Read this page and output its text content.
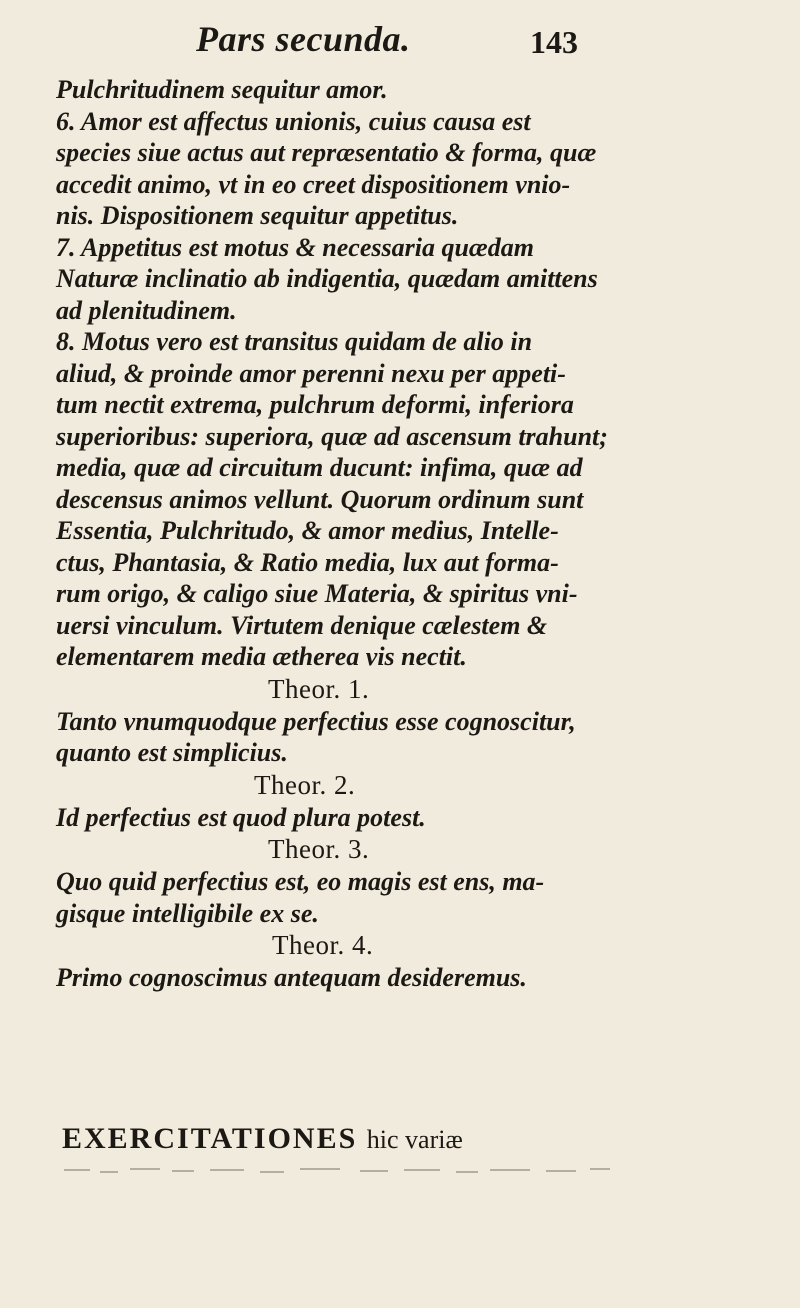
Pars secunda.	143
Pulchritudinem sequitur amor.
6. Amor est affectus unionis, cuius causa est
species siue actus aut repræsentatio & forma, quæ
accedit animo, vt in eo creet dispositionem vnio-
nis. Dispositionem sequitur appetitus.
7. Appetitus est motus & necessaria quædam
Naturæ inclinatio ab indigentia, quædam amittens
ad plenitudinem.
8. Motus vero est transitus quidam de alio in
aliud, & proinde amor perenni nexu per appeti-
tum nectit extrema, pulchrum deformi, inferiora
superioribus: superiora, quæ ad ascensum trahunt;
media, quæ ad circuitum ducunt: infima, quæ ad
descensus animos vellunt. Quorum ordinum sunt
Essentia, Pulchritudo, & amor medius, Intelle-
ctus, Phantasia, & Ratio media, lux aut forma-
rum origo, & caligo siue Materia, & spiritus vni-
uersi vinculum. Virtutem denique cælestem &
elementarem media ætherea vis nectit.
Theor. 1.
Tanto vnumquodque perfectius esse cognoscitur,
quanto est simplicius.
Theor. 2.
Id perfectius est quod plura potest.
Theor. 3.
Quo quid perfectius est, eo magis est ens, ma-
gisque intelligibile ex se.
Theor. 4.
Primo cognoscimus antequam desideremus.
EXERCITATIONES hic variæ
